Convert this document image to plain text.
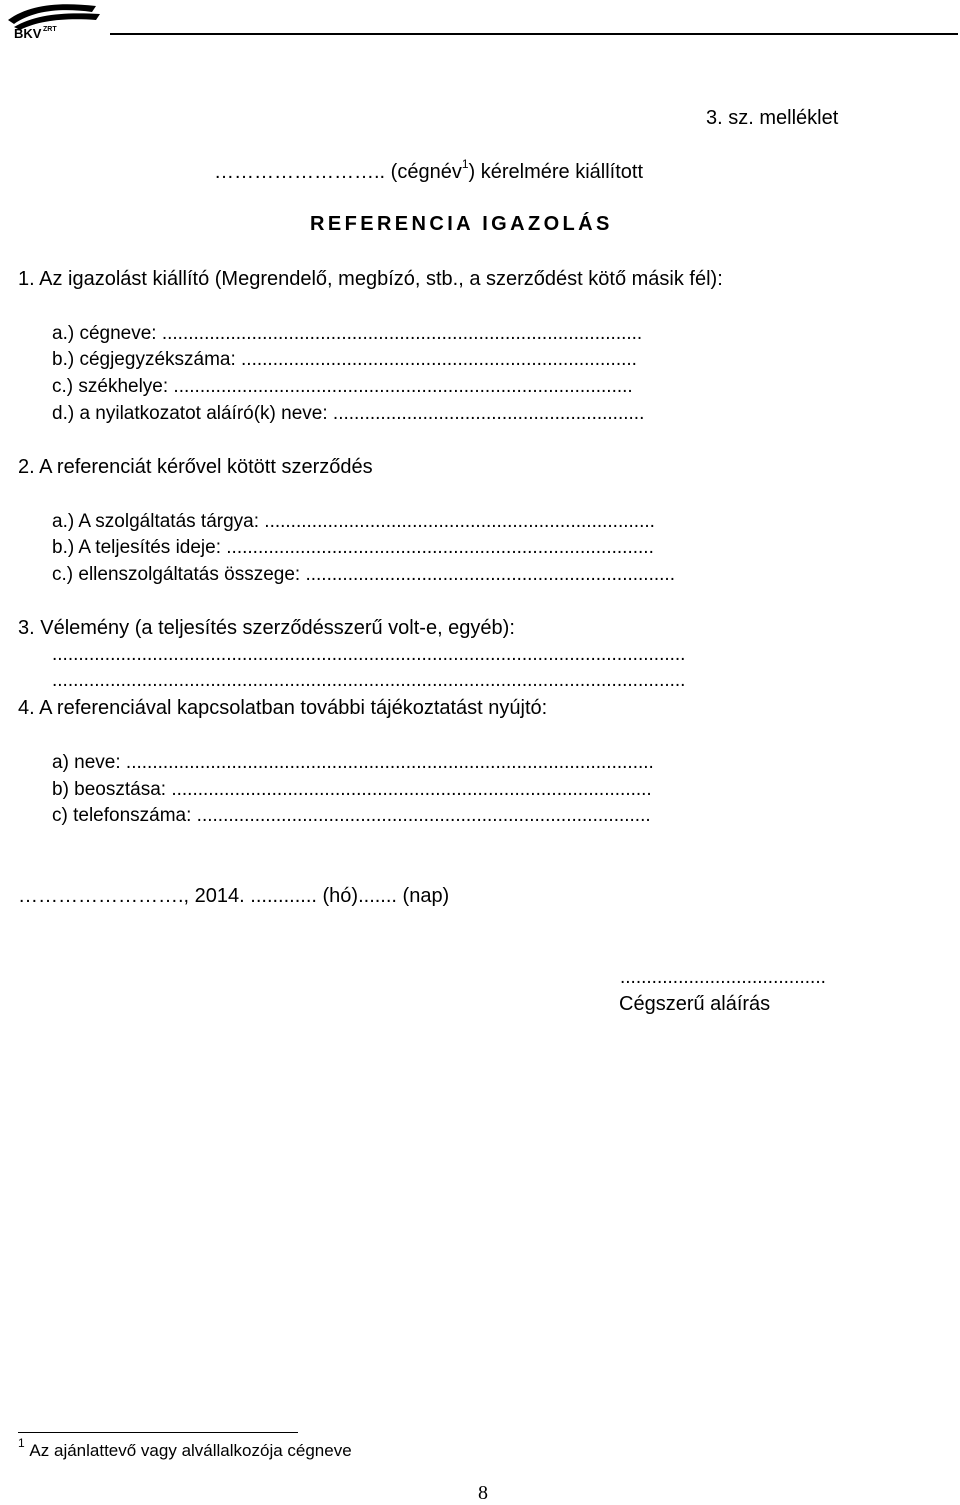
BKV ZRT
3. sz. melléklet
…………………….. (cégnév$^1$) kérelmére kiállított
REFERENCIA IGAZOLÁS
1. Az igazolást kiállító (Megrendelő, megbízó, stb., a szerződést kötő másik fél):
a.) cégneve: ...........................................................................................
b.) cégjegyzékszáma: ...........................................................................
c.) székhelye: .......................................................................................
d.) a nyilatkozatot aláíró(k) neve: ...........................................................
2. A referenciát kérővel kötött szerződés
a.) A szolgáltatás tárgya: ..........................................................................
b.) A teljesítés ideje: .................................................................................
c.) ellenszolgáltatás összege: ......................................................................
3. Vélemény (a teljesítés szerződésszerű volt-e, egyéb):
........................................................................................................................
........................................................................................................................
4. A referenciával kapcsolatban további tájékoztatást nyújtó:
a) neve: ....................................................................................................
b) beosztása: ...........................................................................................
c) telefonszáma: ......................................................................................
……………………., 2014. ............ (hó)....... (nap)
.......................................
Cégszerű aláírás
$^1$ Az ajánlattevő vagy alvállalkozója cégneve
8
